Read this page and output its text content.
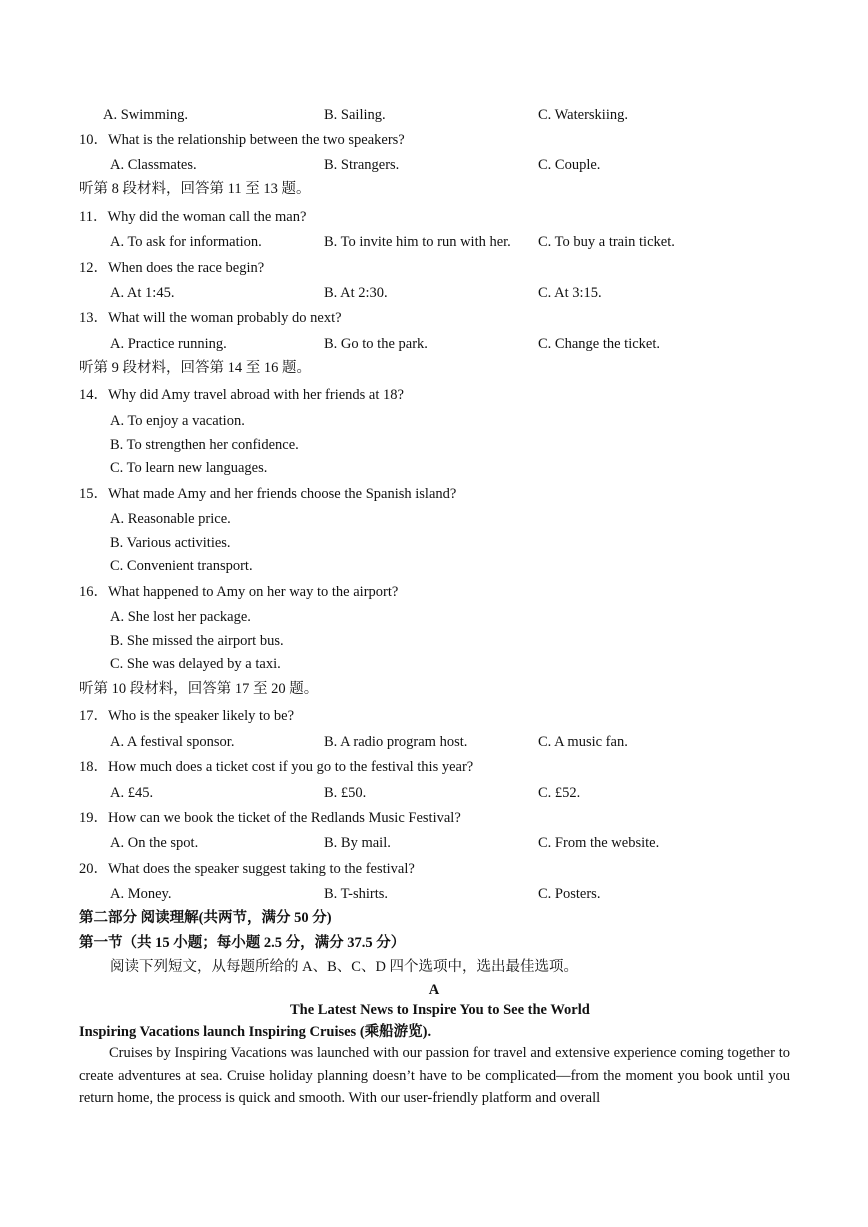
A. Swimming.	B. Sailing.	C. Waterskiing.
10．What is the relationship between the two speakers?
A. Classmates.	B. Strangers.	C. Couple.
听第 8 段材料，回答第 11 至 13 题。
11．Why did the woman call the man?
A. To ask for information.	B. To invite him to run with her. C. To buy a train ticket.
12．When does the race begin?
A. At 1:45.	B. At 2:30.	C. At 3:15.
13．What will the woman probably do next?
A. Practice running.	B. Go to the park.	C. Change the ticket.
听第 9 段材料，回答第 14 至 16 题。
14．Why did Amy travel abroad with her friends at 18?
A. To enjoy a vacation.
B. To strengthen her confidence.
C. To learn new languages.
15．What made Amy and her friends choose the Spanish island?
A. Reasonable price.
B. Various activities.
C. Convenient transport.
16．What happened to Amy on her way to the airport?
A. She lost her package.
B. She missed the airport bus.
C. She was delayed by a taxi.
听第 10 段材料，回答第 17 至 20 题。
17．Who is the speaker likely to be?
A. A festival sponsor.	B. A radio program host.	C. A music fan.
18．How much does a ticket cost if you go to the festival this year?
A. £45.	B. £50.	C. £52.
19．How can we book the ticket of the Redlands Music Festival?
A. On the spot.	B. By mail.	C. From the website.
20．What does the speaker suggest taking to the festival?
A. Money.	B. T-shirts.	C. Posters.
第二部分 阅读理解(共两节，满分 50 分)
第一节（共 15 小题；每小题 2.5 分，满分 37.5 分）
阅读下列短文，从每题所给的 A、B、C、D 四个选项中，选出最佳选项。
A
The Latest News to Inspire You to See the World
Inspiring Vacations launch Inspiring Cruises (乘船游览).
Cruises by Inspiring Vacations was launched with our passion for travel and extensive experience coming together to create adventures at sea. Cruise holiday planning doesn’t have to be complicated—from the moment you book until you return home, the process is quick and smooth. With our user-friendly platform and overall
